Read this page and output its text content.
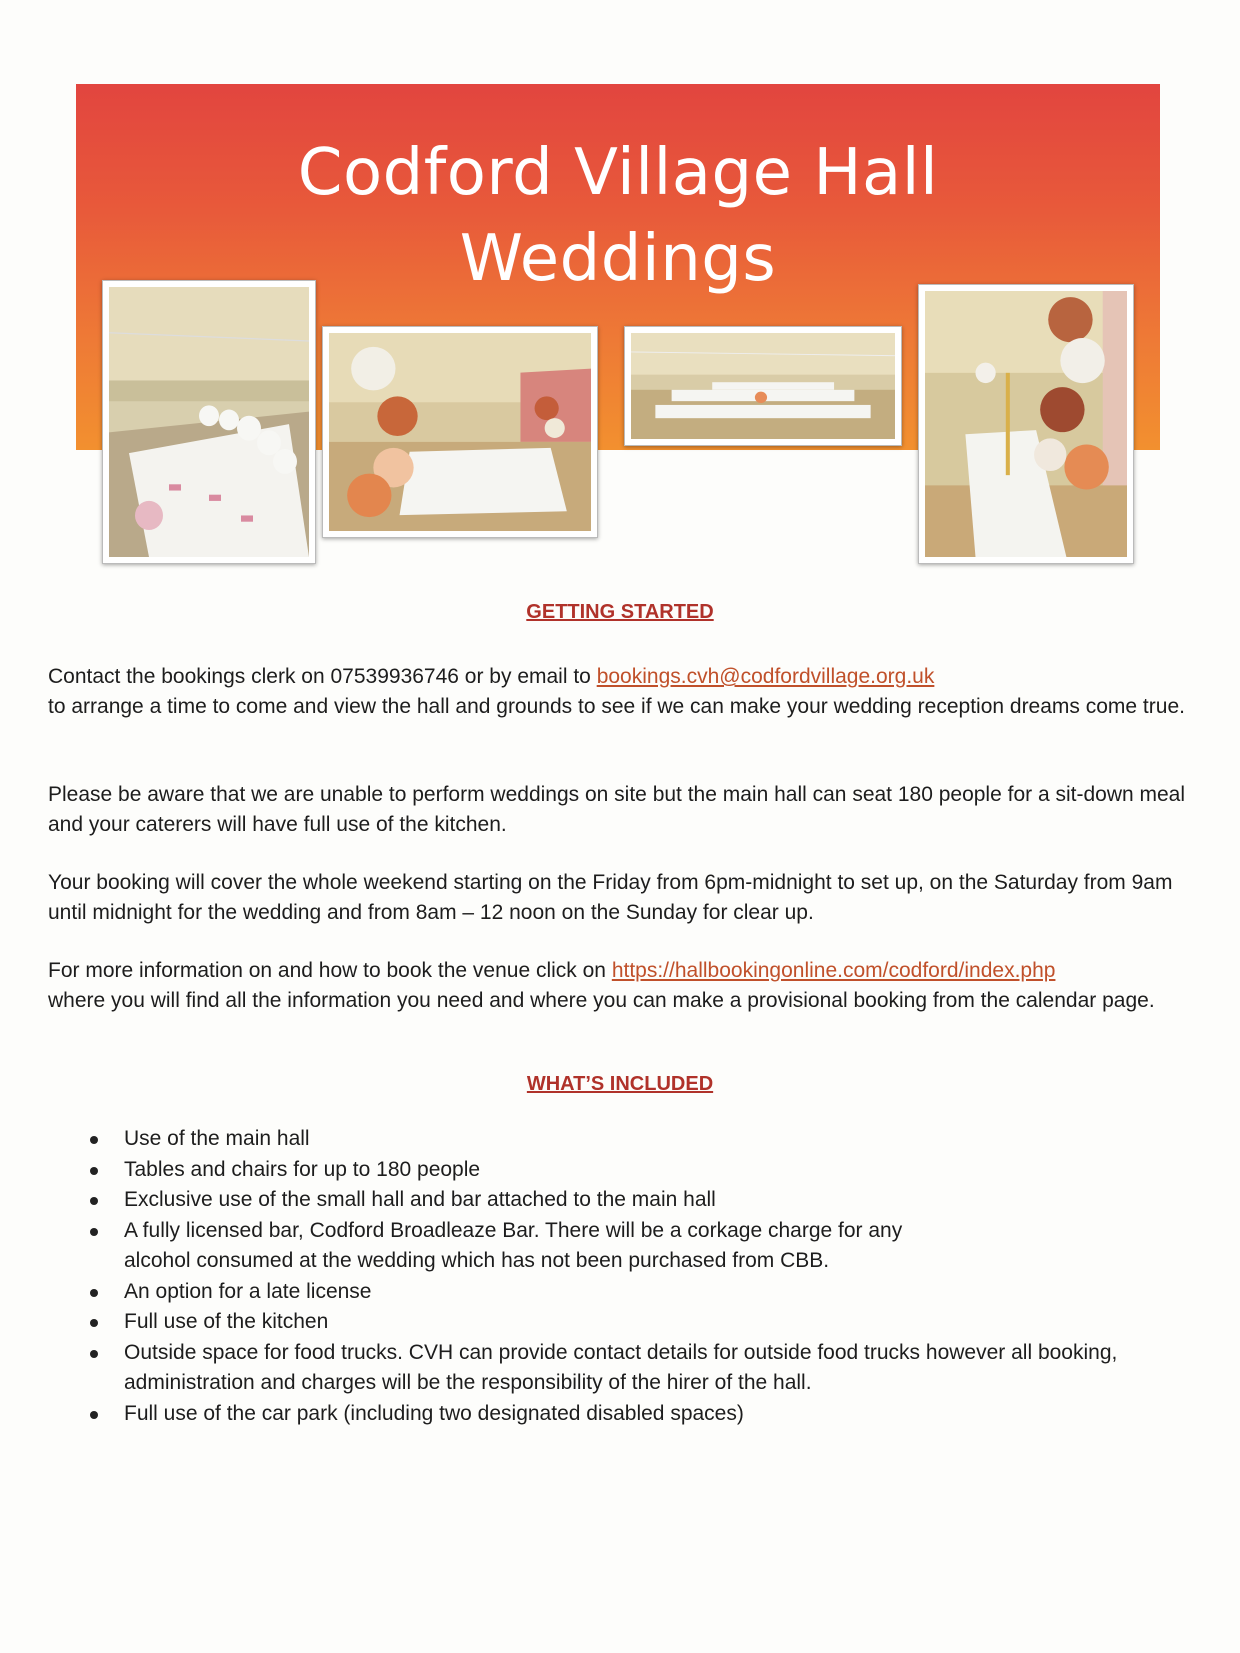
Codford Village Hall
Weddings
GETTING STARTED
Contact the bookings clerk on 07539936746 or by email to bookings.cvh@codfordvillage.org.uk
to arrange a time to come and view the hall and grounds to see if we can make your wedding reception dreams come true.
Please be aware that we are unable to perform weddings on site but the main hall can seat 180 people for a sit-down meal and your caterers will have full use of the kitchen.
Your booking will cover the whole weekend starting on the Friday from 6pm-midnight to set up, on the Saturday from 9am until midnight for the wedding and from 8am – 12 noon on the Sunday for clear up.
For more information on and how to book the venue click on https://hallbookingonline.com/codford/index.php
where you will find all the information you need and where you can make a provisional booking from the calendar page.
WHAT’S INCLUDED
Use of the main hall
Tables and chairs for up to 180 people
Exclusive use of the small hall and bar attached to the main hall
A fully licensed bar, Codford Broadleaze Bar. There will be a corkage charge for any alcohol consumed at the wedding which has not been purchased from CBB.
An option for a late license
Full use of the kitchen
Outside space for food trucks. CVH can provide contact details for outside food trucks however all booking, administration and charges will be the responsibility of the hirer of the hall.
Full use of the car park (including two designated disabled spaces)
